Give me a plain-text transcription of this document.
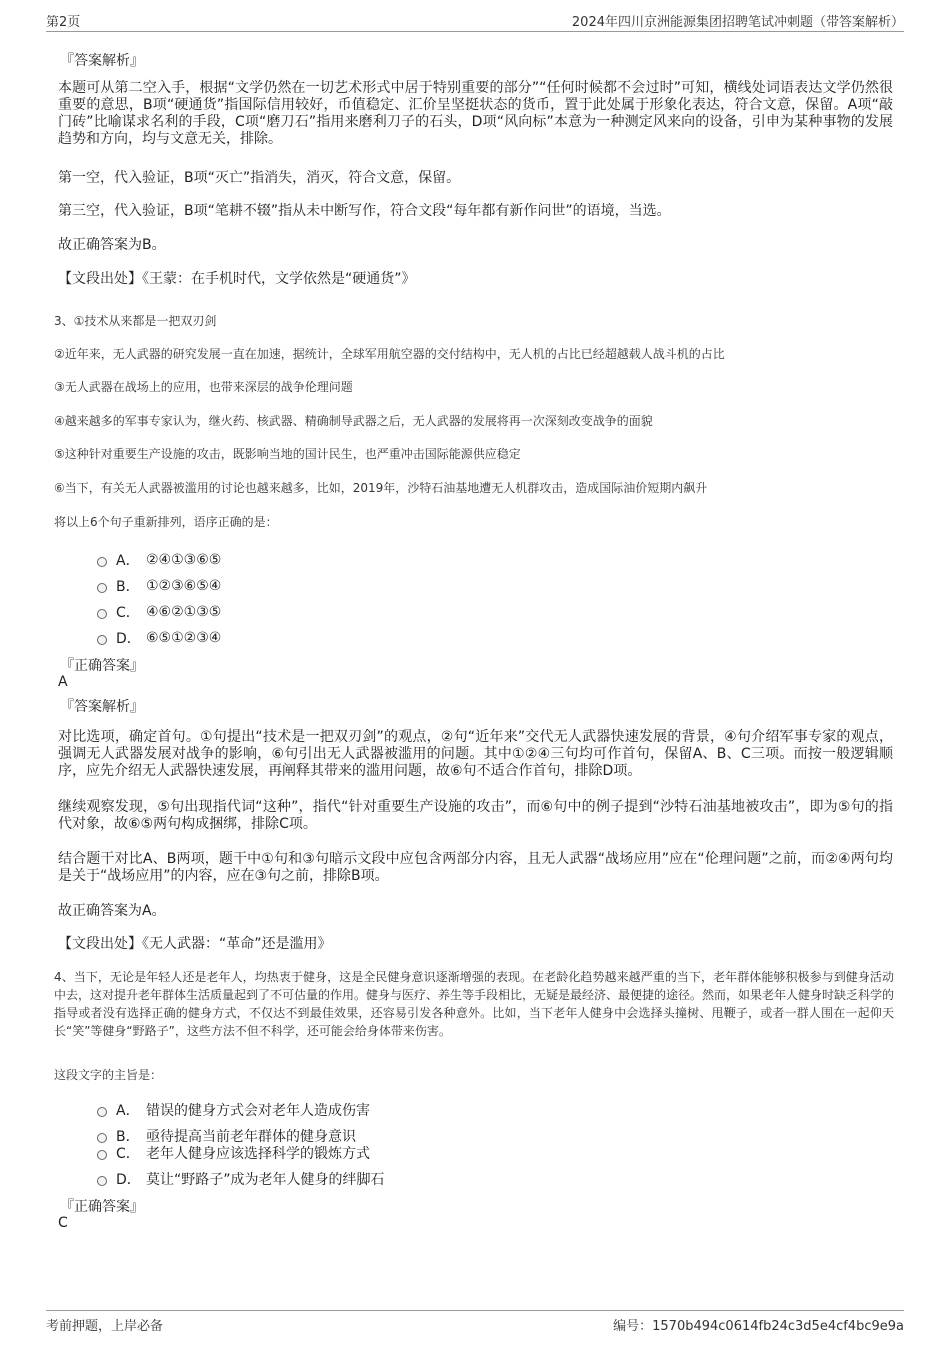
第2页	2024年四川京洲能源集团招聘笔试冲刺题（带答案解析）
『答案解析』
本题可从第二空入手，根据“文学仍然在一切艺术形式中居于特别重要的部分”“任何时候都不会过时”可知，横线处词语表达文学仍然很重要的意思，B项“硬通货”指国际信用较好，币值稳定、汇价呈坚挺状态的货币，置于此处属于形象化表达，符合文意，保留。A项“敲门砖”比喻谋求名利的手段，C项“磨刀石”指用来磨利刀子的石头，D项“风向标”本意为一种测定风来向的设备，引申为某种事物的发展趋势和方向，均与文意无关，排除。
第一空，代入验证，B项“灭亡”指消失，消灭，符合文意，保留。
第三空，代入验证，B项“笔耕不辍”指从未中断写作，符合文段“每年都有新作问世”的语境，当选。
故正确答案为B。
【文段出处】《王蒙：在手机时代，文学依然是“硬通货”》
3、①技术从来都是一把双刃剑
②近年来，无人武器的研究发展一直在加速，据统计，全球军用航空器的交付结构中，无人机的占比已经超越载人战斗机的占比
③无人武器在战场上的应用，也带来深层的战争伦理问题
④越来越多的军事专家认为，继火药、核武器、精确制导武器之后，无人武器的发展将再一次深刻改变战争的面貌
⑤这种针对重要生产设施的攻击，既影响当地的国计民生，也严重冲击国际能源供应稳定
⑥当下，有关无人武器被滥用的讨论也越来越多，比如，2019年，沙特石油基地遭无人机群攻击，造成国际油价短期内飙升
将以上6个句子重新排列，语序正确的是：
A． ②④①③⑥⑤
B． ①②③⑥⑤④
C． ④⑥②①③⑤
D． ⑥⑤①②③④
『正确答案』
A
『答案解析』
对比选项，确定首句。①句提出“技术是一把双刃剑”的观点，②句“近年来”交代无人武器快速发展的背景，④句介绍军事专家的观点，强调无人武器发展对战争的影响，⑥句引出无人武器被滥用的问题。其中①②④三句均可作首句，保留A、B、C三项。而按一般逻辑顺序，应先介绍无人武器快速发展，再阐释其带来的滥用问题，故⑥句不适合作首句，排除D项。
继续观察发现，⑤句出现指代词“这种”，指代“针对重要生产设施的攻击”，而⑥句中的例子提到“沙特石油基地被攻击”，即为⑤句的指代对象，故⑥⑤两句构成捆绑，排除C项。
结合题干对比A、B两项，题干中①句和③句暗示文段中应包含两部分内容，且无人武器“战场应用”应在“伦理问题”之前，而②④两句均是关于“战场应用”的内容，应在③句之前，排除B项。
故正确答案为A。
【文段出处】《无人武器：“革命”还是滥用》
4、当下，无论是年轻人还是老年人，均热衷于健身，这是全民健身意识逐渐增强的表现。在老龄化趋势越来越严重的当下，老年群体能够积极参与到健身活动中去，这对提升老年群体生活质量起到了不可估量的作用。健身与医疗、养生等手段相比，无疑是最经济、最便捷的途径。然而，如果老年人健身时缺乏科学的指导或者没有选择正确的健身方式，不仅达不到最佳效果，还容易引发各种意外。比如，当下老年人健身中会选择头撞树、甩鞭子，或者一群人围在一起仰天长“笑”等健身“野路子”，这些方法不但不科学，还可能会给身体带来伤害。
这段文字的主旨是：
A． 错误的健身方式会对老年人造成伤害
B． 亟待提高当前老年群体的健身意识
C． 老年人健身应该选择科学的锻炼方式
D． 莫让“野路子”成为老年人健身的绊脚石
『正确答案』
C
考前押题，上岸必备	编号：1570b494c0614fb24c3d5e4cf4bc9e9a
